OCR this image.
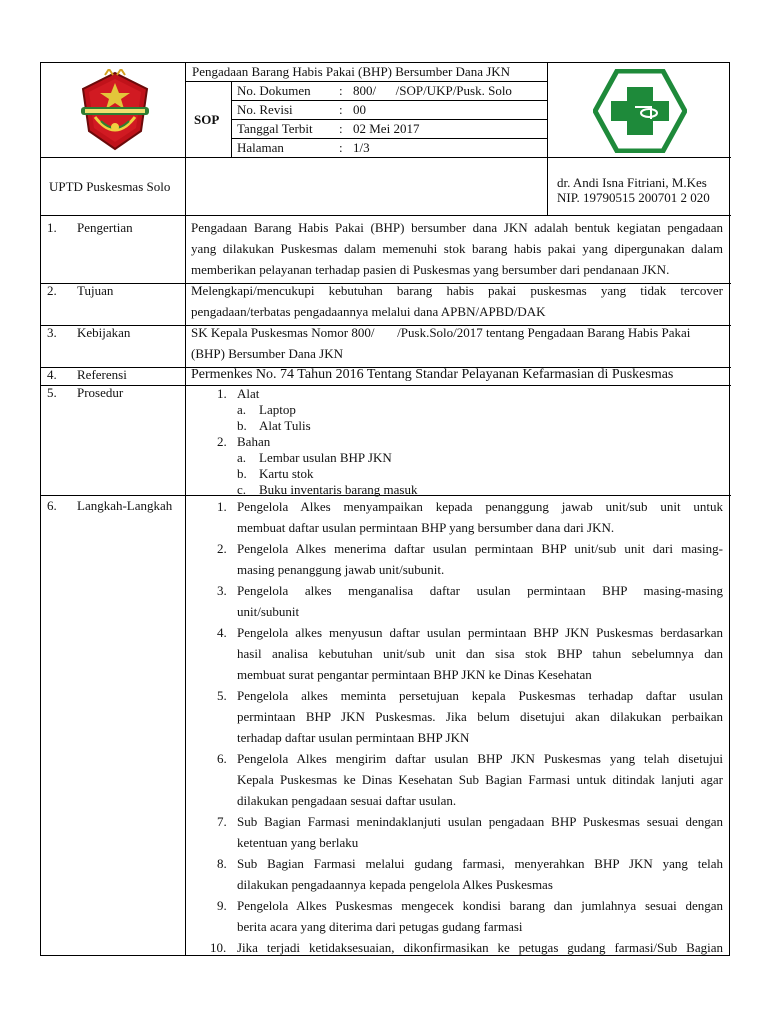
Pengadaan Barang Habis Pakai (BHP) Bersumber Dana JKN
SOP
No. Dokumen : 800/      /SOP/UKP/Pusk. Solo
No. Revisi	: 00
Tanggal Terbit : 02 Mei 2017
Halaman	: 1/3
UPTD Puskesmas Solo	dr. Andi Isna Fitriani, M.Kes
NIP. 19790515 200701 2 020
1. Pengertian	Pengadaan Barang Habis Pakai (BHP) bersumber dana JKN adalah bentuk kegiatan pengadaan
yang dilakukan Puskesmas dalam memenuhi stok barang habis pakai yang dipergunakan dalam
memberikan pelayanan terhadap pasien di Puskesmas yang bersumber dari pendanaan JKN.
2. Tujuan	Melengkapi/mencukupi kebutuhan barang habis pakai puskesmas yang tidak tercover
pengadaan/terbatas pengadaannya melalui dana APBN/APBD/DAK
3. Kebijakan	SK Kepala Puskesmas Nomor 800/       /Pusk.Solo/2017 tentang Pengadaan Barang Habis Pakai
(BHP) Bersumber Dana JKN
4. Referensi	Permenkes No. 74 Tahun 2016 Tentang Standar Pelayanan Kefarmasian di Puskesmas
5. Prosedur	1. Alat
a. Laptop
b. Alat Tulis
2. Bahan
a. Lembar usulan BHP JKN
b. Kartu stok
c. Buku inventaris barang masuk
6. Langkah-Langkah	1. Pengelola Alkes menyampaikan kepada penanggung jawab unit/sub unit untuk
membuat daftar usulan permintaan BHP yang bersumber dana dari JKN.
2. Pengelola Alkes menerima daftar usulan permintaan BHP unit/sub unit dari masing-
masing penanggung jawab unit/subunit.
3. Pengelola alkes menganalisa daftar usulan permintaan BHP masing-masing
unit/subunit
4. Pengelola alkes menyusun daftar usulan permintaan BHP JKN Puskesmas berdasarkan
hasil analisa kebutuhan unit/sub unit dan sisa stok BHP tahun sebelumnya dan
membuat surat pengantar permintaan BHP JKN ke Dinas Kesehatan
5. Pengelola alkes meminta persetujuan kepala Puskesmas terhadap daftar usulan
permintaan BHP JKN Puskesmas. Jika belum disetujui akan dilakukan perbaikan
terhadap daftar usulan permintaan BHP JKN
6. Pengelola Alkes mengirim daftar usulan BHP JKN Puskesmas yang telah disetujui
Kepala Puskesmas ke Dinas Kesehatan Sub Bagian Farmasi untuk ditindak lanjuti agar
dilakukan pengadaan sesuai daftar usulan.
7. Sub Bagian Farmasi menindaklanjuti usulan pengadaan BHP Puskesmas sesuai dengan
ketentuan yang berlaku
8. Sub Bagian Farmasi melalui gudang farmasi, menyerahkan BHP JKN yang telah
dilakukan pengadaannya kepada pengelola Alkes Puskesmas
9. Pengelola Alkes Puskesmas mengecek kondisi barang dan jumlahnya sesuai dengan
berita acara yang diterima dari petugas gudang farmasi
10. Jika terjadi ketidaksesuaian, dikonfirmasikan ke petugas gudang farmasi/Sub Bagian
